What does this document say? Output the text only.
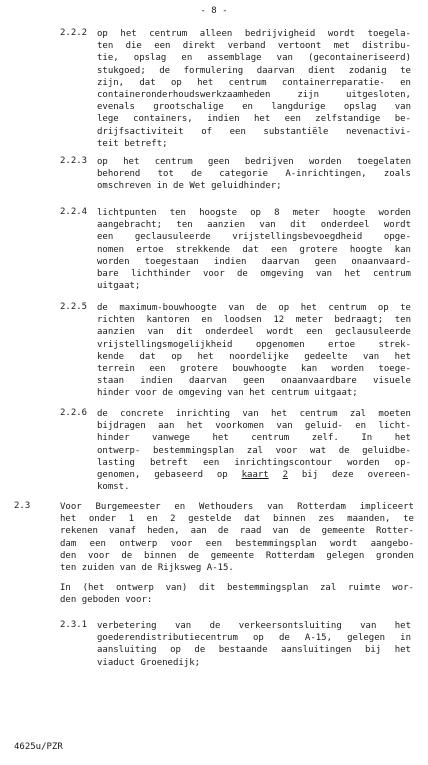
- 8 -
2.2.2 op het centrum alleen bedrijvigheid wordt toegela-
ten die een direkt verband vertoont met distribu-
tie, opslag en assemblage van (gecontaineriseerd)
stukgoed; de formulering daarvan dient zodanig te
zijn, dat op het centrum containerreparatie- en
containeronderhoudswerkzaamheden	zijn	uitgesloten,
evenals grootschalige en langdurige opslag van
lege containers, indien het een zelfstandige be-
drijfsactiviteit of een substantiële nevenactivi-
teit betreft;
2.2.3 op het centrum geen bedrijven worden toegelaten
behorend tot de categorie A-inrichtingen, zoals
omschreven in de Wet geluidhinder;
2.2.4 lichtpunten ten hoogste op 8 meter hoogte worden
aangebracht; ten aanzien van dit onderdeel wordt
een geclausuleerde vrijstellingsbevoegdheid opge-
nomen ertoe strekkende dat een grotere hoogte kan
worden toegestaan indien daarvan geen onaanvaard-
bare lichthinder voor de omgeving van het centrum
uitgaat;
2.2.5 de maximum-bouwhoogte van de op het centrum op te
richten kantoren en loodsen 12 meter bedraagt; ten
aanzien van dit onderdeel wordt een geclausuleerde
vrijstellingsmogelijkheid	opgenomen	ertoe	strek-
kende dat op het noordelijke gedeelte van het
terrein een grotere bouwhoogte kan worden toege-
staan indien daarvan geen onaanvaardbare visuele
hinder voor de omgeving van het centrum uitgaat;
2.2.6 de concrete inrichting van het centrum zal moeten
bijdragen aan het voorkomen van geluid- en licht-
hinder	vanwege	het	centrum	zelf.	In	het
ontwerp- bestemmingsplan zal voor wat de geluidbe-
lasting betreft een inrichtingscontour worden op-
genomen, gebaseerd op kaart 2 bij deze overeen-
komst.
2.3	Voor Burgemeester en Wethouders van Rotterdam impliceert
het onder 1 en 2 gestelde dat binnen zes maanden, te
rekenen vanaf heden, aan de raad van de gemeente Rotter-
dam een ontwerp voor een bestemmingsplan wordt aangebo-
den voor de binnen de gemeente Rotterdam gelegen gronden
ten zuiden van de Rijksweg A-15.
In (het ontwerp van) dit bestemmingsplan zal ruimte wor-
den geboden voor:
2.3.1 verbetering van de verkeersontsluiting van het
goederendistributiecentrum op de A-15, gelegen in
aansluiting op de bestaande aansluitingen bij het
viaduct Groenedijk;
4625u/PZR
